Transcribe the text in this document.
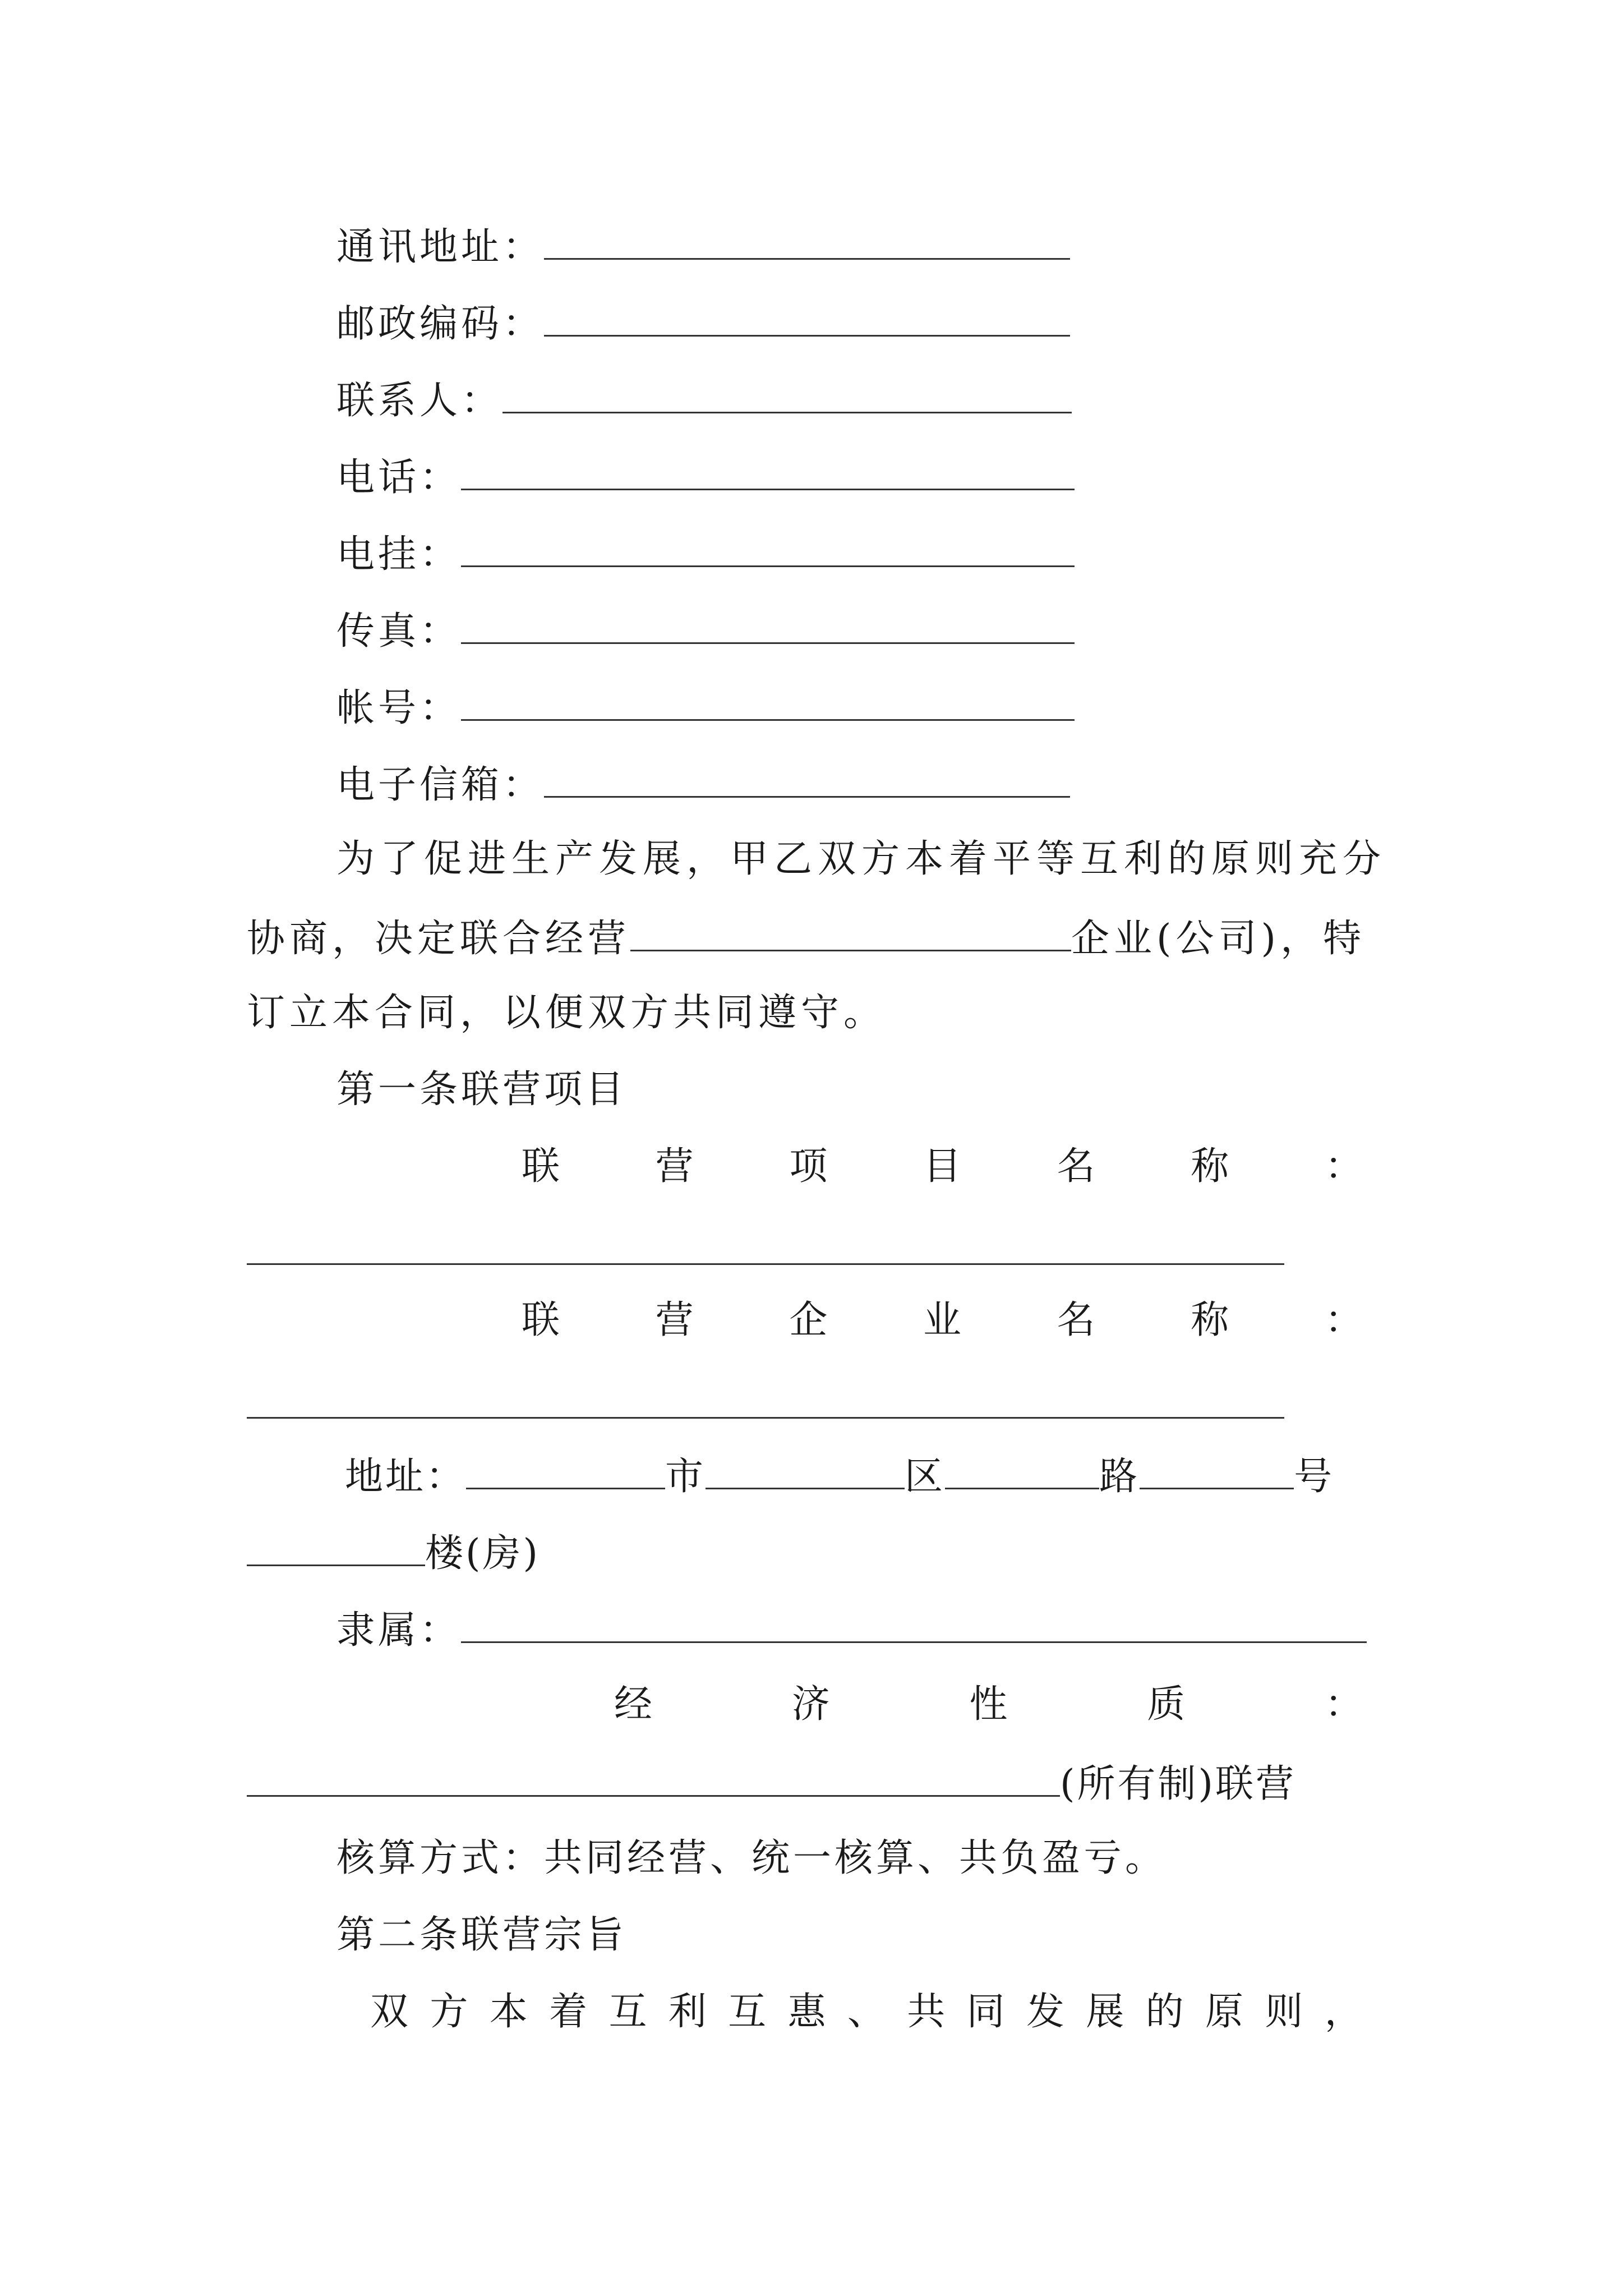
通讯地址：
邮政编码：
联系人：
电话：
电挂：
传真：
帐号：
电子信箱：
为了促进生产发展，甲乙双方本着平等互利的原则充分
协商，决定联合经营	企业(公司)，特
订立本合同，以便双方共同遵守。
第一条联营项目
联	营	项	目	名	称	：
联	营	企	业	名	称	：
地址：	市	区	路	号
楼(房)
隶属：
经	济	性	质	：
(所有制)联营
核算方式：共同经营、统一核算、共负盈亏。
第二条联营宗旨
双 方 本 着 互 利 互 惠 、 共 同 发 展 的 原 则 ，
